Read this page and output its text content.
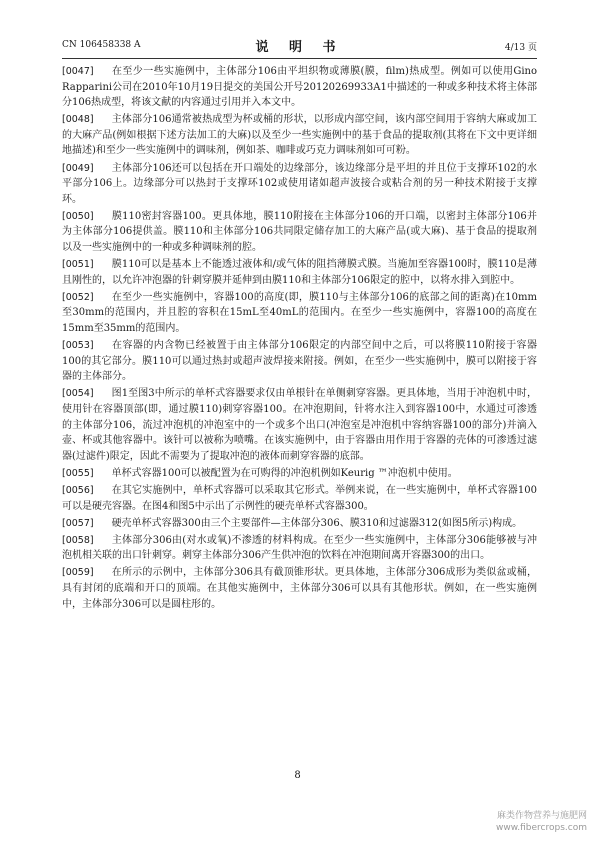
CN 106458338 A	说 明 书	4/13 页

[0047] 在至少一些实施例中，主体部分106由平坦织物或薄膜(膜，film)热成型。例如可以使用Gino Rapparini公司在2010年10月19日提交的美国公开号20120269933A1中描述的一种或多种技术将主体部分106热成型，将该文献的内容通过引用并入本文中。

[0048] 主体部分106通常被热成型为杯或桶的形状，以形成内部空间，该内部空间用于容纳大麻或加工的大麻产品(例如根据下述方法加工的大麻)以及至少一些实施例中的基于食品的提取剂(其将在下文中更详细地描述)和至少一些实施例中的调味剂，例如茶、咖啡或巧克力调味剂如可可粉。

[0049] 主体部分106还可以包括在开口端处的边缘部分，该边缘部分是平坦的并且位于支撑环102的水平部分106上。边缘部分可以热封于支撑环102或使用诸如超声波接合或粘合剂的另一种技术附接于支撑环。

[0050] 膜110密封容器100。更具体地，膜110附接在主体部分106的开口端，以密封主体部分106并为主体部分106提供盖。膜110和主体部分106共同限定储存加工的大麻产品(或大麻)、基于食品的提取剂以及一些实施例中的一种或多种调味剂的腔。

[0051] 膜110可以是基本上不能透过液体和/或气体的阻挡薄膜式膜。当施加至容器100时，膜110是薄且刚性的，以允许冲泡器的针刺穿膜并延伸到由膜110和主体部分106限定的腔中，以将水排入到腔中。

[0052] 在至少一些实施例中，容器100的高度(即，膜110与主体部分106的底部之间的距离)在10mm至30mm的范围内，并且腔的容积在15mL至40mL的范围内。在至少一些实施例中，容器100的高度在15mm至35mm的范围内。

[0053] 在容器的内含物已经被置于由主体部分106限定的内部空间中之后，可以将膜110附接于容器100的其它部分。膜110可以通过热封或超声波焊接来附接。例如，在至少一些实施例中，膜可以附接于容器的主体部分。

[0054] 图1至图3中所示的单杯式容器要求仅由单根针在单侧刺穿容器。更具体地，当用于冲泡机中时，使用针在容器顶部(即，通过膜110)刺穿容器100。在冲泡期间，针将水注入到容器100中，水通过可渗透的主体部分106，流过冲泡机的冲泡室中的一个或多个出口(冲泡室是冲泡机中容纳容器100的部分)并滴入壶、杯或其他容器中。该针可以被称为喷嘴。在该实施例中，由于容器由用作用于容器的壳体的可渗透过滤器(过滤件)限定，因此不需要为了提取冲泡的液体而刺穿容器的底部。

[0055] 单杯式容器100可以被配置为在可购得的冲泡机例如Keurig ™冲泡机中使用。

[0056] 在其它实施例中，单杯式容器可以采取其它形式。举例来说，在一些实施例中，单杯式容器100可以是硬壳容器。在图4和图5中示出了示例性的硬壳单杯式容器300。

[0057] 硬壳单杯式容器300由三个主要部件—主体部分306、膜310和过滤器312(如图5所示)构成。

[0058] 主体部分306由(对水或氧)不渗透的材料构成。在至少一些实施例中，主体部分306能够被与冲泡机相关联的出口针刺穿。刺穿主体部分306产生供冲泡的饮料在冲泡期间离开容器300的出口。

[0059] 在所示的示例中，主体部分306具有截顶锥形状。更具体地，主体部分306成形为类似盆或桶，具有封闭的底端和开口的顶端。在其他实施例中，主体部分306可以具有其他形状。例如，在一些实施例中，主体部分306可以是圆柱形的。

8
麻类作物营养与施肥网
www.fibercrops.com
